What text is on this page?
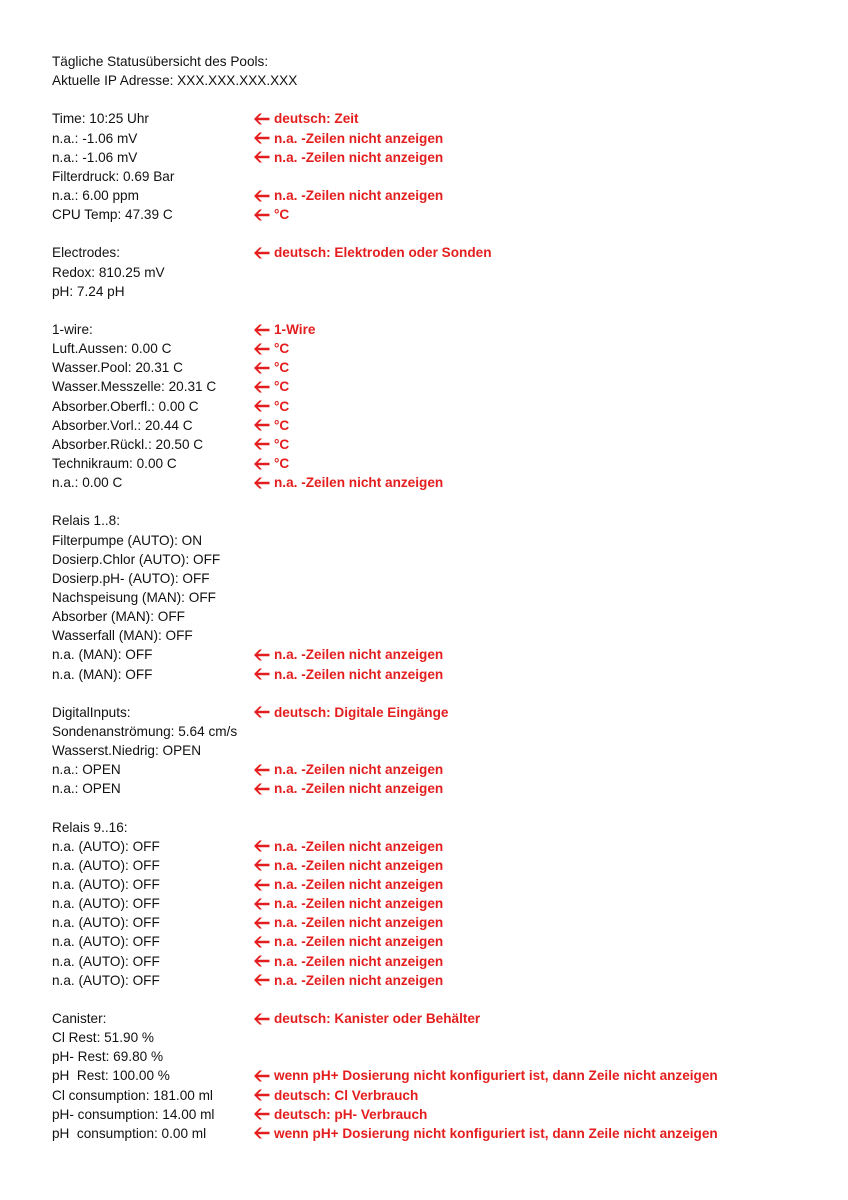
Tägliche Statusübersicht des Pools:
Aktuelle IP Adresse: XXX.XXX.XXX.XXX
Time: 10:25 Uhr	deutsch: Zeit
n.a.: -1.06 mV	n.a. -Zeilen nicht anzeigen
n.a.: -1.06 mV	n.a. -Zeilen nicht anzeigen
Filterdruck: 0.69 Bar
n.a.: 6.00 ppm	n.a. -Zeilen nicht anzeigen
CPU Temp: 47.39 C	°C
Electrodes:	deutsch: Elektroden oder Sonden
Redox: 810.25 mV
pH: 7.24 pH
1-wire:	1-Wire
Luft.Aussen: 0.00 C	°C
Wasser.Pool: 20.31 C	°C
Wasser.Messzelle: 20.31 C	°C
Absorber.Oberfl.: 0.00 C	°C
Absorber.Vorl.: 20.44 C	°C
Absorber.Rückl.: 20.50 C	°C
Technikraum: 0.00 C	°C
n.a.: 0.00 C	n.a. -Zeilen nicht anzeigen
Relais 1..8:
Filterpumpe (AUTO): ON
Dosierp.Chlor (AUTO): OFF
Dosierp.pH- (AUTO): OFF
Nachspeisung (MAN): OFF
Absorber (MAN): OFF
Wasserfall (MAN): OFF
n.a. (MAN): OFF	n.a. -Zeilen nicht anzeigen
n.a. (MAN): OFF	n.a. -Zeilen nicht anzeigen
DigitalInputs:	deutsch: Digitale Eingänge
Sondenanströmung: 5.64 cm/s
Wasserst.Niedrig: OPEN
n.a.: OPEN	n.a. -Zeilen nicht anzeigen
n.a.: OPEN	n.a. -Zeilen nicht anzeigen
Relais 9..16:
n.a. (AUTO): OFF	n.a. -Zeilen nicht anzeigen
n.a. (AUTO): OFF	n.a. -Zeilen nicht anzeigen
n.a. (AUTO): OFF	n.a. -Zeilen nicht anzeigen
n.a. (AUTO): OFF	n.a. -Zeilen nicht anzeigen
n.a. (AUTO): OFF	n.a. -Zeilen nicht anzeigen
n.a. (AUTO): OFF	n.a. -Zeilen nicht anzeigen
n.a. (AUTO): OFF	n.a. -Zeilen nicht anzeigen
n.a. (AUTO): OFF	n.a. -Zeilen nicht anzeigen
Canister:	deutsch: Kanister oder Behälter
Cl Rest: 51.90 %
pH- Rest: 69.80 %
pH  Rest: 100.00 %	wenn pH+ Dosierung nicht konfiguriert ist, dann Zeile nicht anzeigen
Cl consumption: 181.00 ml	deutsch: Cl Verbrauch
pH- consumption: 14.00 ml	deutsch: pH- Verbrauch
pH  consumption: 0.00 ml	wenn pH+ Dosierung nicht konfiguriert ist, dann Zeile nicht anzeigen
